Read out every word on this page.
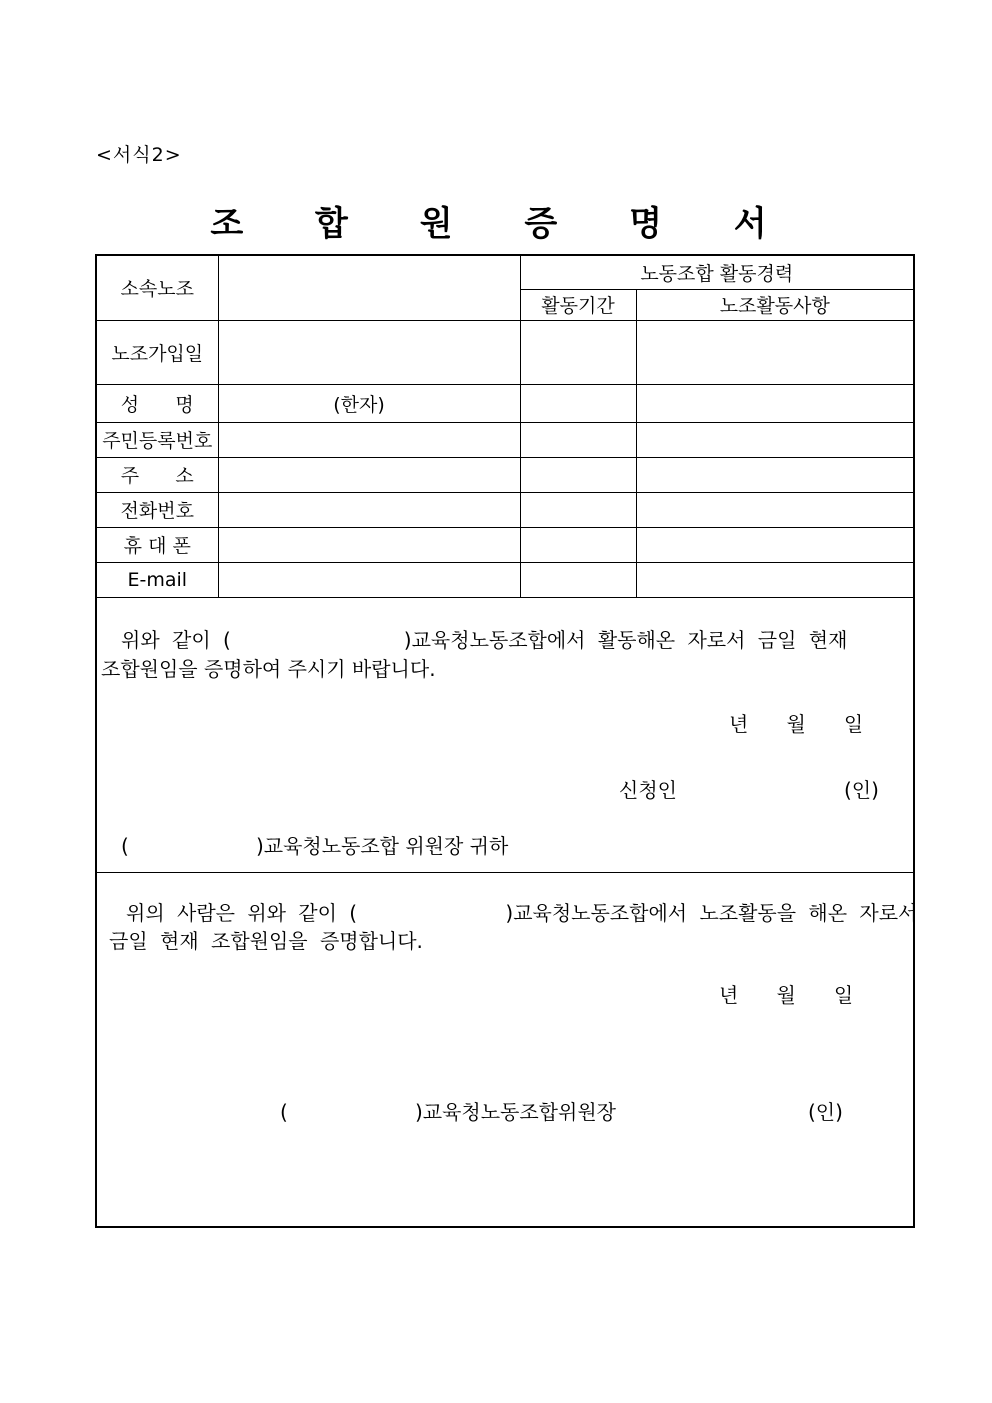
<서식2>
조 합 원 증 명 서
소속노조		노동조합 활동경력	
		활동기간	노조활동사항
노조가입일			
성      명	(한자)		
주민등록번호			
주      소			
전화번호			
휴 대 폰			
E-mail			
위와 같이 (              )교육청노동조합에서 활동해온 자로서 금일 현재
조합원임을 증명하여 주시기 바랍니다.
년      월      일
신청인	(인)
(                    )교육청노동조합 위원장 귀하
위의 사람은 위와 같이 (            )교육청노동조합에서 노조활동을 해온 자로서
금일 현재 조합원임을 증명합니다.
년      월      일
(                    )교육청노동조합위원장	(인)
